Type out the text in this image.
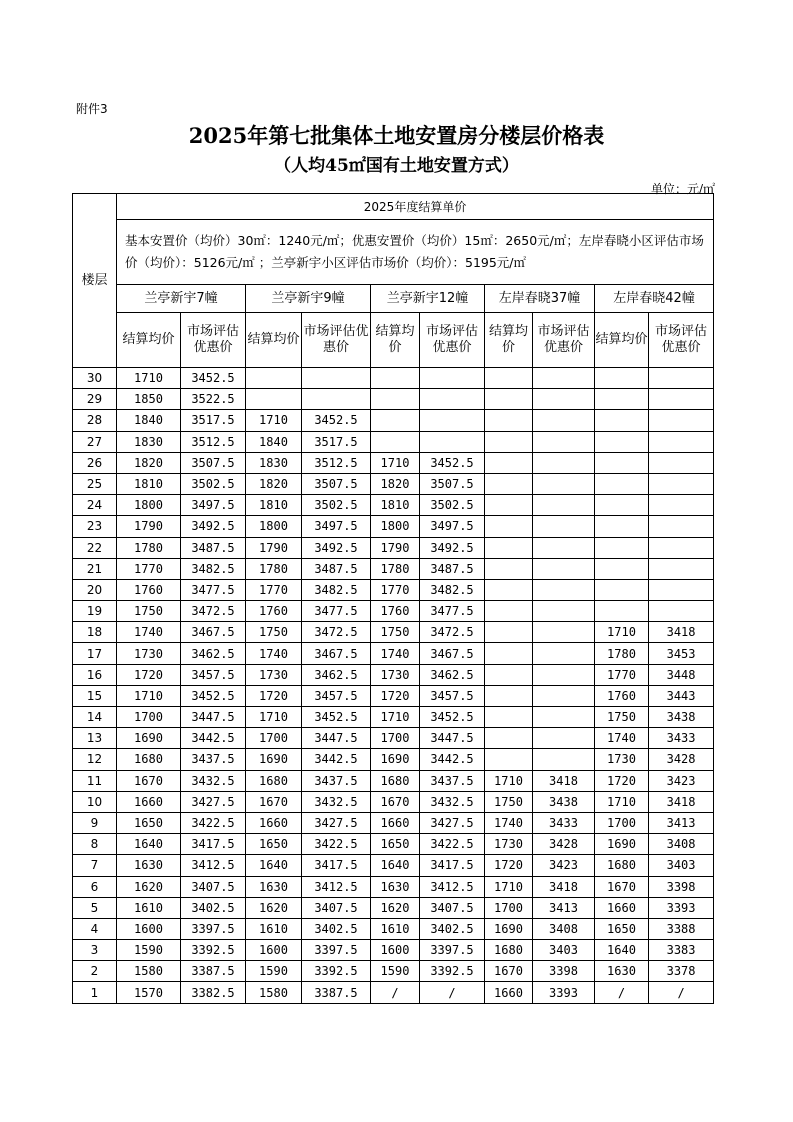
附件3
2025年第七批集体土地安置房分楼层价格表
（人均45㎡国有土地安置方式）
单位：元/㎡
楼层	2025年度结算单价									
	基本安置价（均价）30㎡：1240元/㎡；优惠安置价（均价）15㎡：2650元/㎡；左岸春晓小区评估市场价（均价）：5126元/㎡ ；兰亭新宇小区评估市场价（均价）：5195元/㎡									
	兰亭新宇7幢		兰亭新宇9幢		兰亭新宇12幢		左岸春晓37幢		左岸春晓42幢	
	结算均价	市场评估优惠价	结算均价	市场评估优惠价	结算均价	市场评估优惠价	结算均价	市场评估优惠价	结算均价	市场评估优惠价
30	1710	3452.5								
29	1850	3522.5								
28	1840	3517.5	1710	3452.5						
27	1830	3512.5	1840	3517.5						
26	1820	3507.5	1830	3512.5	1710	3452.5				
25	1810	3502.5	1820	3507.5	1820	3507.5				
24	1800	3497.5	1810	3502.5	1810	3502.5				
23	1790	3492.5	1800	3497.5	1800	3497.5				
22	1780	3487.5	1790	3492.5	1790	3492.5				
21	1770	3482.5	1780	3487.5	1780	3487.5				
20	1760	3477.5	1770	3482.5	1770	3482.5				
19	1750	3472.5	1760	3477.5	1760	3477.5				
18	1740	3467.5	1750	3472.5	1750	3472.5			1710	3418
17	1730	3462.5	1740	3467.5	1740	3467.5			1780	3453
16	1720	3457.5	1730	3462.5	1730	3462.5			1770	3448
15	1710	3452.5	1720	3457.5	1720	3457.5			1760	3443
14	1700	3447.5	1710	3452.5	1710	3452.5			1750	3438
13	1690	3442.5	1700	3447.5	1700	3447.5			1740	3433
12	1680	3437.5	1690	3442.5	1690	3442.5			1730	3428
11	1670	3432.5	1680	3437.5	1680	3437.5	1710	3418	1720	3423
10	1660	3427.5	1670	3432.5	1670	3432.5	1750	3438	1710	3418
9	1650	3422.5	1660	3427.5	1660	3427.5	1740	3433	1700	3413
8	1640	3417.5	1650	3422.5	1650	3422.5	1730	3428	1690	3408
7	1630	3412.5	1640	3417.5	1640	3417.5	1720	3423	1680	3403
6	1620	3407.5	1630	3412.5	1630	3412.5	1710	3418	1670	3398
5	1610	3402.5	1620	3407.5	1620	3407.5	1700	3413	1660	3393
4	1600	3397.5	1610	3402.5	1610	3402.5	1690	3408	1650	3388
3	1590	3392.5	1600	3397.5	1600	3397.5	1680	3403	1640	3383
2	1580	3387.5	1590	3392.5	1590	3392.5	1670	3398	1630	3378
1	1570	3382.5	1580	3387.5	/	/	1660	3393	/	/
